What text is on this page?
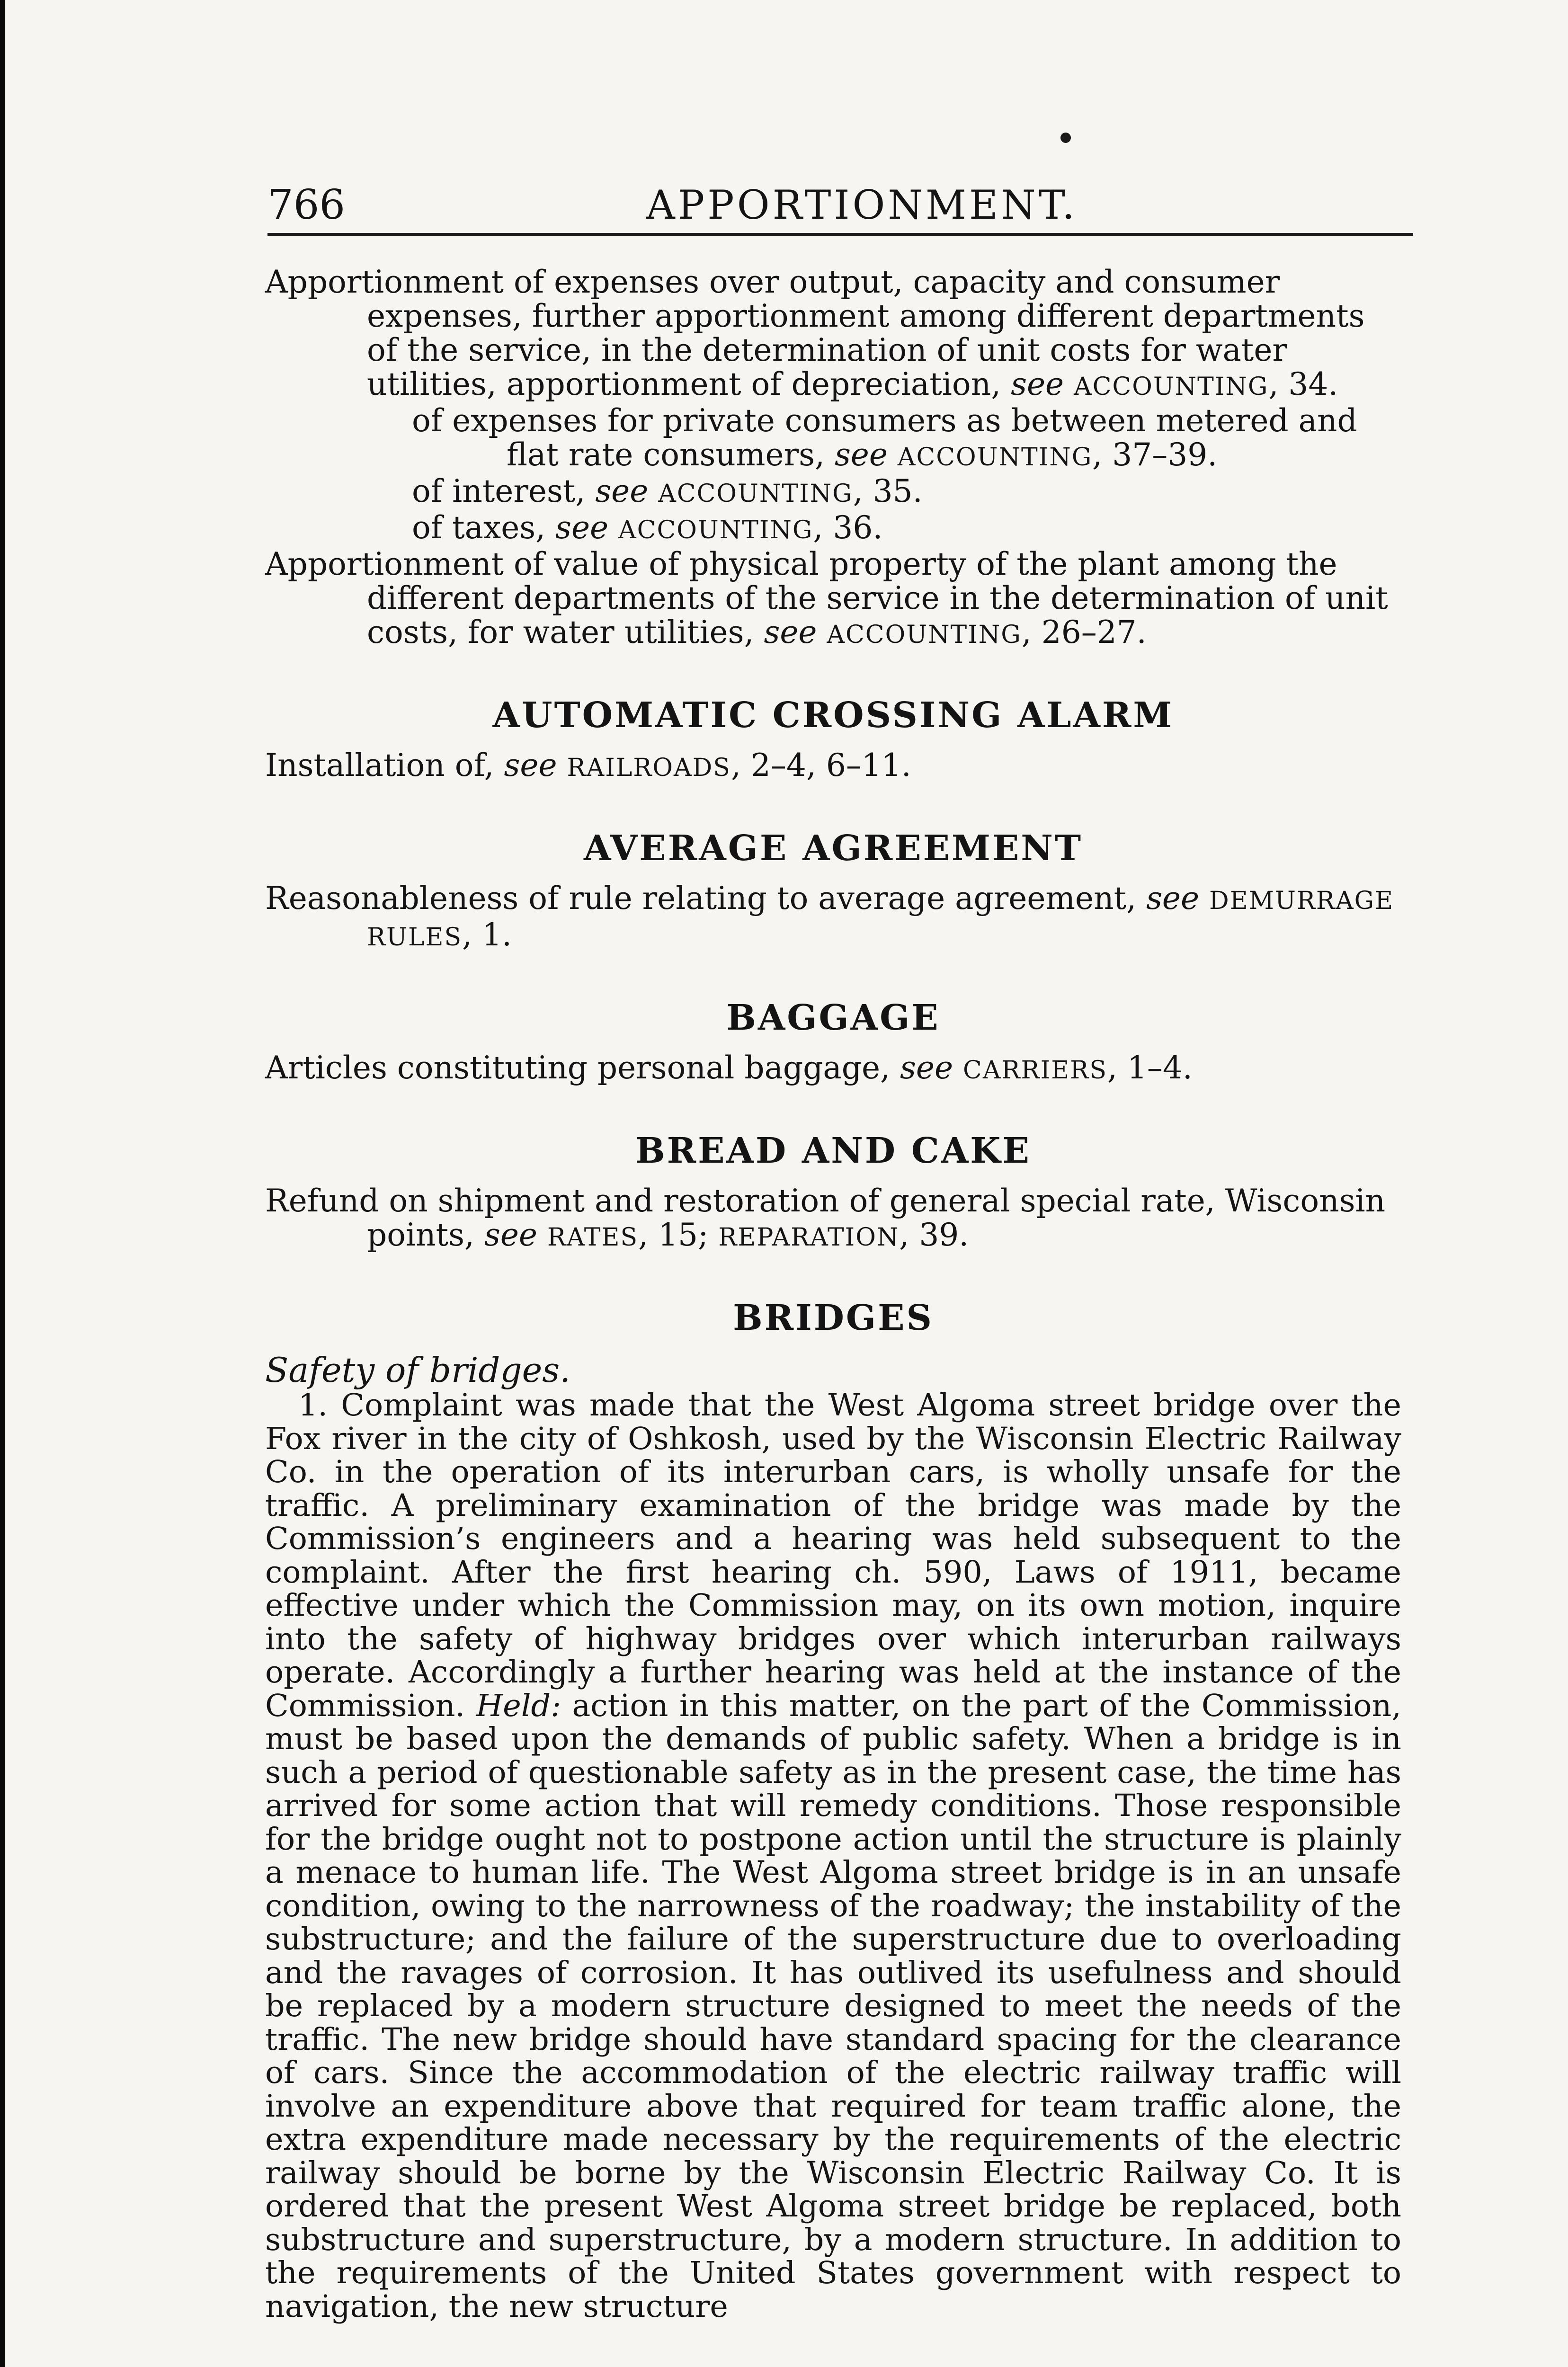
766	APPORTIONMENT.
Apportionment of expenses over output, capacity and consumer expenses, further apportionment among different departments of the service, in the determination of unit costs for water utilities, apportionment of depreciation, see ACCOUNTING, 34.
of expenses for private consumers as between metered and flat rate consumers, see ACCOUNTING, 37–39.
of interest, see ACCOUNTING, 35.
of taxes, see ACCOUNTING, 36.
Apportionment of value of physical property of the plant among the different departments of the service in the determination of unit costs, for water utilities, see ACCOUNTING, 26–27.
AUTOMATIC CROSSING ALARM
Installation of, see RAILROADS, 2–4, 6–11.
AVERAGE AGREEMENT
Reasonableness of rule relating to average agreement, see DEMURRAGE RULES, 1.
BAGGAGE
Articles constituting personal baggage, see CARRIERS, 1–4.
BREAD AND CAKE
Refund on shipment and restoration of general special rate, Wisconsin points, see RATES, 15; REPARATION, 39.
BRIDGES
Safety of bridges.

1. Complaint was made that the West Algoma street bridge over the Fox river in the city of Oshkosh, used by the Wisconsin Electric Railway Co. in the operation of its interurban cars, is wholly unsafe for the traffic. A preliminary examination of the bridge was made by the Commission’s engineers and a hearing was held subsequent to the complaint. After the first hearing ch. 590, Laws of 1911, became effective under which the Commission may, on its own motion, inquire into the safety of highway bridges over which interurban railways operate. Accordingly a further hearing was held at the instance of the Commission. Held: action in this matter, on the part of the Commission, must be based upon the demands of public safety. When a bridge is in such a period of questionable safety as in the present case, the time has arrived for some action that will remedy conditions. Those responsible for the bridge ought not to postpone action until the structure is plainly a menace to human life. The West Algoma street bridge is in an unsafe condition, owing to the narrowness of the roadway; the instability of the substructure; and the failure of the superstructure due to overloading and the ravages of corrosion. It has outlived its usefulness and should be replaced by a modern structure designed to meet the needs of the traffic. The new bridge should have standard spacing for the clearance of cars. Since the accommodation of the electric railway traffic will involve an expenditure above that required for team traffic alone, the extra expenditure made necessary by the requirements of the electric railway should be borne by the Wisconsin Electric Railway Co. It is ordered that the present West Algoma street bridge be replaced, both substructure and superstructure, by a modern structure. In addition to the requirements of the United States government with respect to navigation, the new structure
